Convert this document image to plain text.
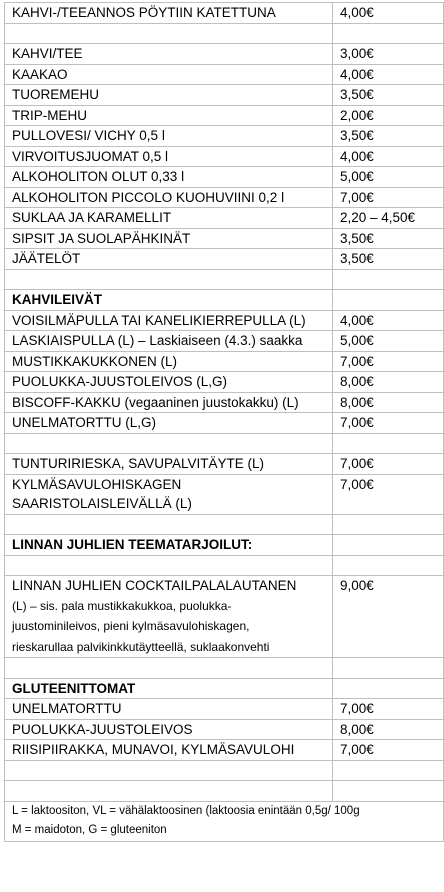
KAHVI-/TEEANNOS PÖYTIIN KATETTUNA	4,00€

KAHVI/TEE	3,00€
KAAKAO	4,00€
TUOREMEHU	3,50€
TRIP-MEHU	2,00€
PULLOVESI/ VICHY 0,5 l	3,50€
VIRVOITUSJUOMAT 0,5 l	4,00€
ALKOHOLITON OLUT 0,33 l	5,00€
ALKOHOLITON PICCOLO KUOHUVIINI 0,2 l	7,00€
SUKLAA JA KARAMELLIT	2,20 – 4,50€
SIPSIT JA SUOLAPÄHKINÄT	3,50€
JÄÄTELÖT	3,50€

KAHVILEIVÄT	
VOISILMÄPULLA TAI KANELIKIERREPULLA (L)	4,00€
LASKIAISPULLA (L) – Laskiaiseen (4.3.) saakka	5,00€
MUSTIKKAKUKKONEN (L)	7,00€
PUOLUKKA-JUUSTOLEIVOS (L,G)	8,00€
BISCOFF-KAKKU (vegaaninen juustokakku) (L)	8,00€
UNELMATORTTU (L,G)	7,00€

TUNTURIRIESKA, SAVUPALVITÄYTE (L)	7,00€
KYLMÄSAVULOHISKAGEN SAARISTOLAISLEIVÄLLÄ (L)	7,00€

LINNAN JUHLIEN TEEMATARJOILUT:	

LINNAN JUHLIEN COCKTAILPALALAUTANEN
(L) – sis. pala mustikkakukkoa, puolukka-
juustominileivos, pieni kylmäsavulohiskagen,
rieskarullaa palvikinkkutäytteellä, suklaakonvehti	9,00€

GLUTEENITTOMAT	
UNELMATORTTU	7,00€
PUOLUKKA-JUUSTOLEIVOS	8,00€
RIISIPIIRAKKA, MUNAVOI, KYLMÄSAVULOHI	7,00€

L = laktoositon, VL = vähälaktoosinen (laktoosia enintään 0,5g/ 100g
M = maidoton, G = gluteeniton	
